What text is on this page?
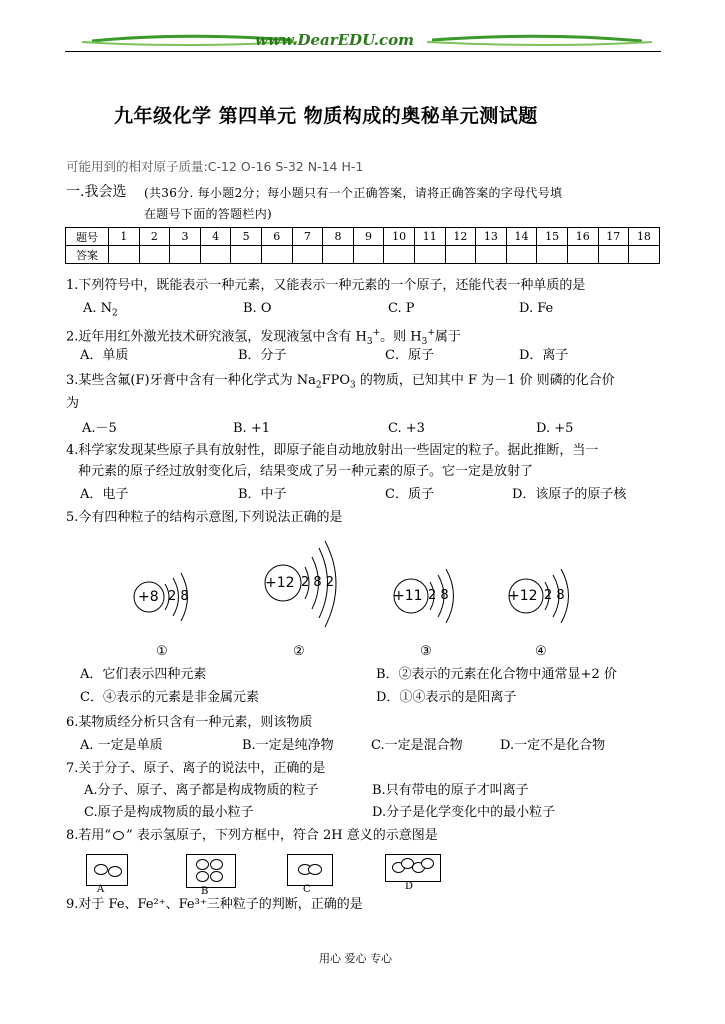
www.DearEDU.com
九年级化学 第四单元 物质构成的奥秘单元测试题
可能用到的相对原子质量:C-12 O-16 S-32 N-14 H-1
一.我会选 (共36分. 每小题2分；每小题只有一个正确答案，请将正确答案的字母代号填
在题号下面的答题栏内)
题号	1	2	3	4	5	6	7	8	9	10	11	12	13	14	15	16	17	18
答案																		
1.下列符号中，既能表示一种元素，又能表示一种元素的一个原子，还能代表一种单质的是
A. $N_2$	B. O	C. P	D. Fe
2.近年用红外激光技术研究液氢，发现液氢中含有 $H_3^+$。则 $H_3^+$属于
A．单质	B．分子	C．原子	D．离子
3.某些含氟(F)牙膏中含有一种化学式为 $Na_2FPO_3$ 的物质，已知其中 F 为－1 价 则磷的化合价
为
A.－5	B. +1	C. +3	D. +5
4.科学家发现某些原子具有放射性，即原子能自动地放射出一些固定的粒子。据此推断，当一
种元素的原子经过放射变化后，结果变成了另一种元素的原子。它一定是放射了
A．电子	B．中子	C．质子	D．该原子的原子核
5.今有四种粒子的结构示意图,下列说法正确的是
+8 2 8
+12 2 8 2
+11 2 8	+12 2 8
①	②	③	④
A．它们表示四种元素	B．②表示的元素在化合物中通常显+2 价
C．④表示的元素是非金属元素	D．①④表示的是阳离子
6.某物质经分析只含有一种元素，则该物质
A. 一定是单质	B.一定是纯净物	C.一定是混合物	D.一定不是化合物
7.关于分子、原子、离子的说法中，正确的是
A.分子、原子、离子都是构成物质的粒子	B.只有带电的原子才叫离子
C.原子是构成物质的最小粒子	D.分子是化学变化中的最小粒子
8.若用“ ” 表示氢原子，下列方框中，符合 2H 意义的示意图是
A	B	C	D
9.对于 Fe、Fe²⁺、Fe³⁺三种粒子的判断，正确的是
用心 爱心 专心
